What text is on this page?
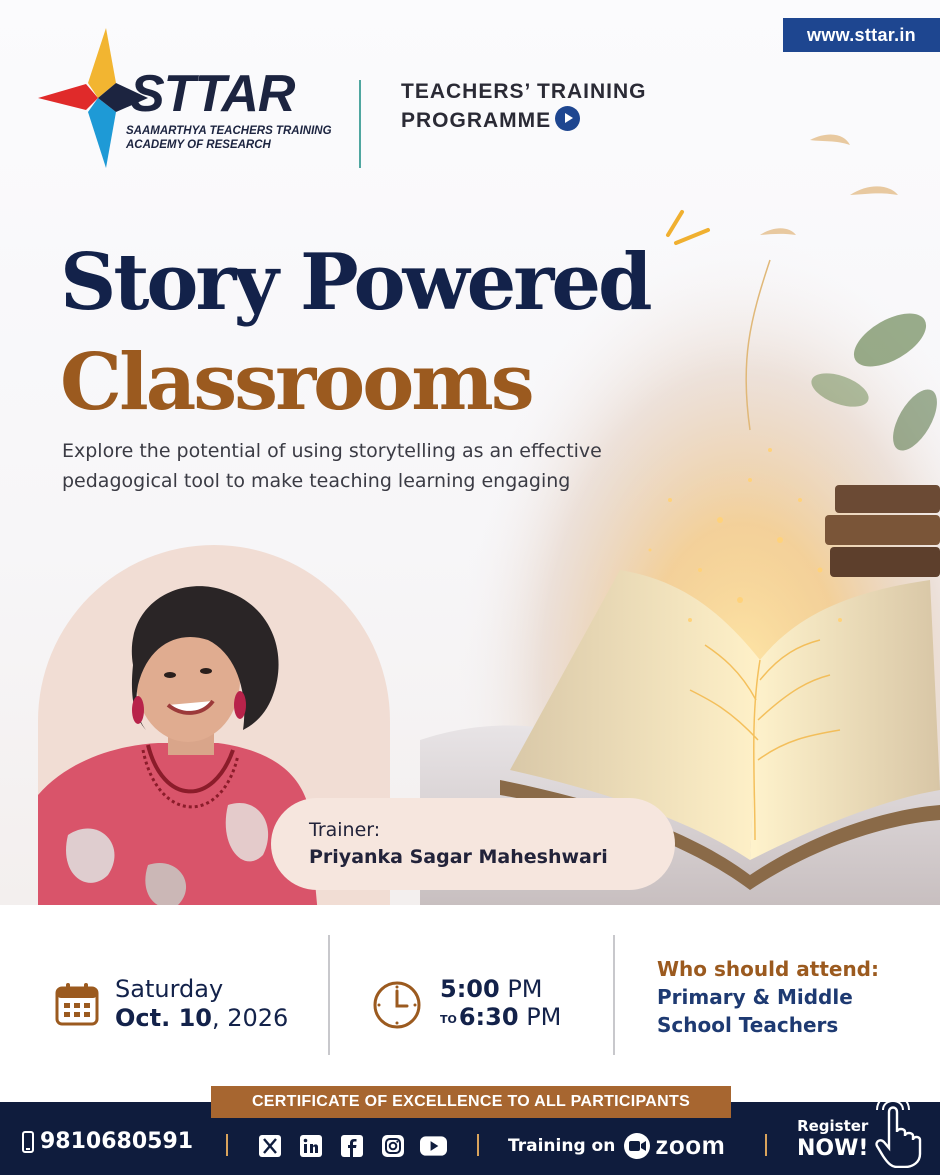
www.sttar.in
STTAR
SAAMARTHYA TEACHERS TRAINING ACADEMY OF RESEARCH
TEACHERS’ TRAINING
PROGRAMME
Story Powered
Classrooms
Explore the potential of using storytelling as an effective pedagogical tool to make teaching learning engaging
Trainer:
Priyanka Sagar Maheshwari
Saturday
Oct. 10, 2026
5:00 PM
TO6:30 PM
Who should attend:
Primary & Middle School Teachers
9810680591	Training on zoom
Register
NOW!
CERTIFICATE OF EXCELLENCE TO ALL PARTICIPANTS
